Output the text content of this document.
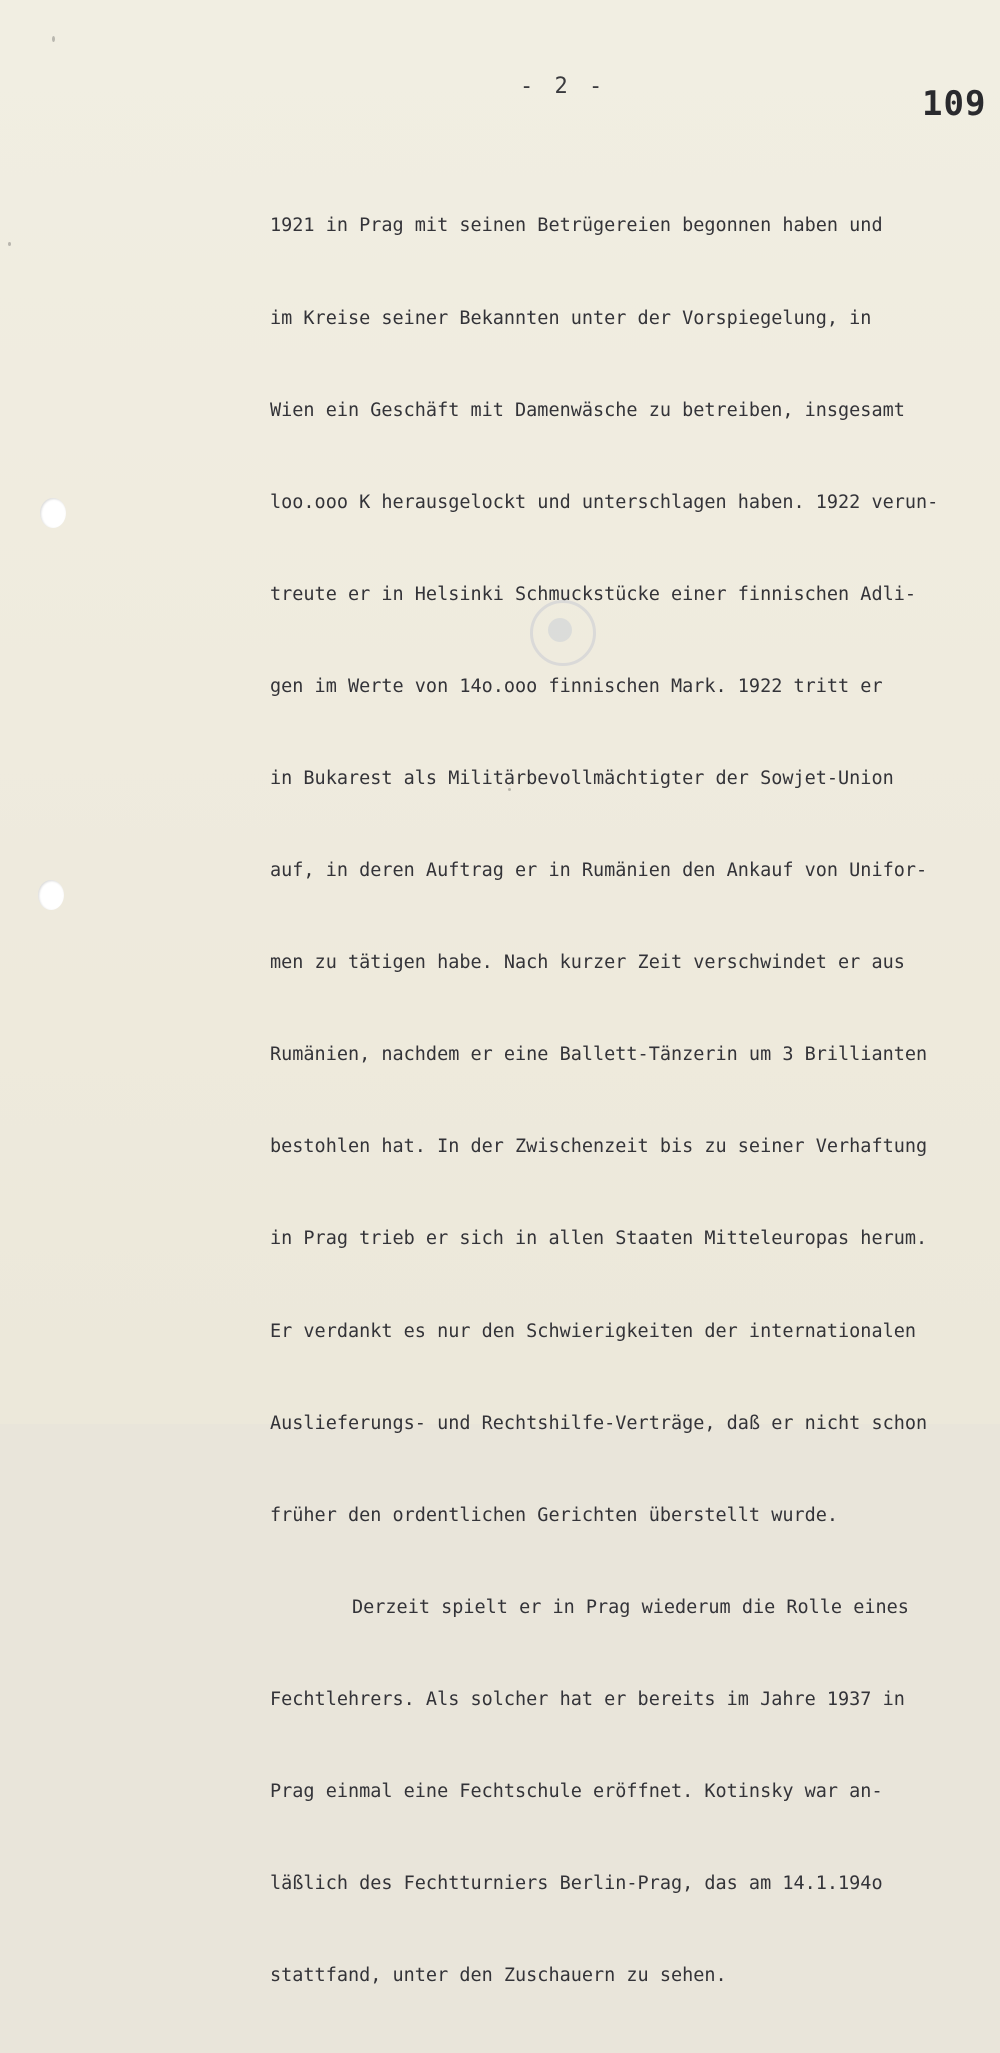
- 2 -	109

1921 in Prag mit seinen Betrügereien begonnen haben und

im Kreise seiner Bekannten unter der Vorspiegelung, in

Wien ein Geschäft mit Damenwäsche zu betreiben, insgesamt

loo.ooo K herausgelockt und unterschlagen haben. 1922 verun-

treute er in Helsinki Schmuckstücke einer finnischen Adli-

gen im Werte von 14o.ooo finnischen Mark. 1922 tritt er

in Bukarest als Militärbevollmächtigter der Sowjet-Union

auf, in deren Auftrag er in Rumänien den Ankauf von Unifor-

men zu tätigen habe. Nach kurzer Zeit verschwindet er aus

Rumänien, nachdem er eine Ballett-Tänzerin um 3 Brillianten

bestohlen hat. In der Zwischenzeit bis zu seiner Verhaftung

in Prag trieb er sich in allen Staaten Mitteleuropas herum.

Er verdankt es nur den Schwierigkeiten der internationalen

Auslieferungs- und Rechtshilfe-Verträge, daß er nicht schon

früher den ordentlichen Gerichten überstellt wurde.

Derzeit spielt er in Prag wiederum die Rolle eines

Fechtlehrers. Als solcher hat er bereits im Jahre 1937 in

Prag einmal eine Fechtschule eröffnet. Kotinsky war an-

läßlich des Fechtturniers Berlin-Prag, das am 14.1.194o

stattfand, unter den Zuschauern zu sehen.
